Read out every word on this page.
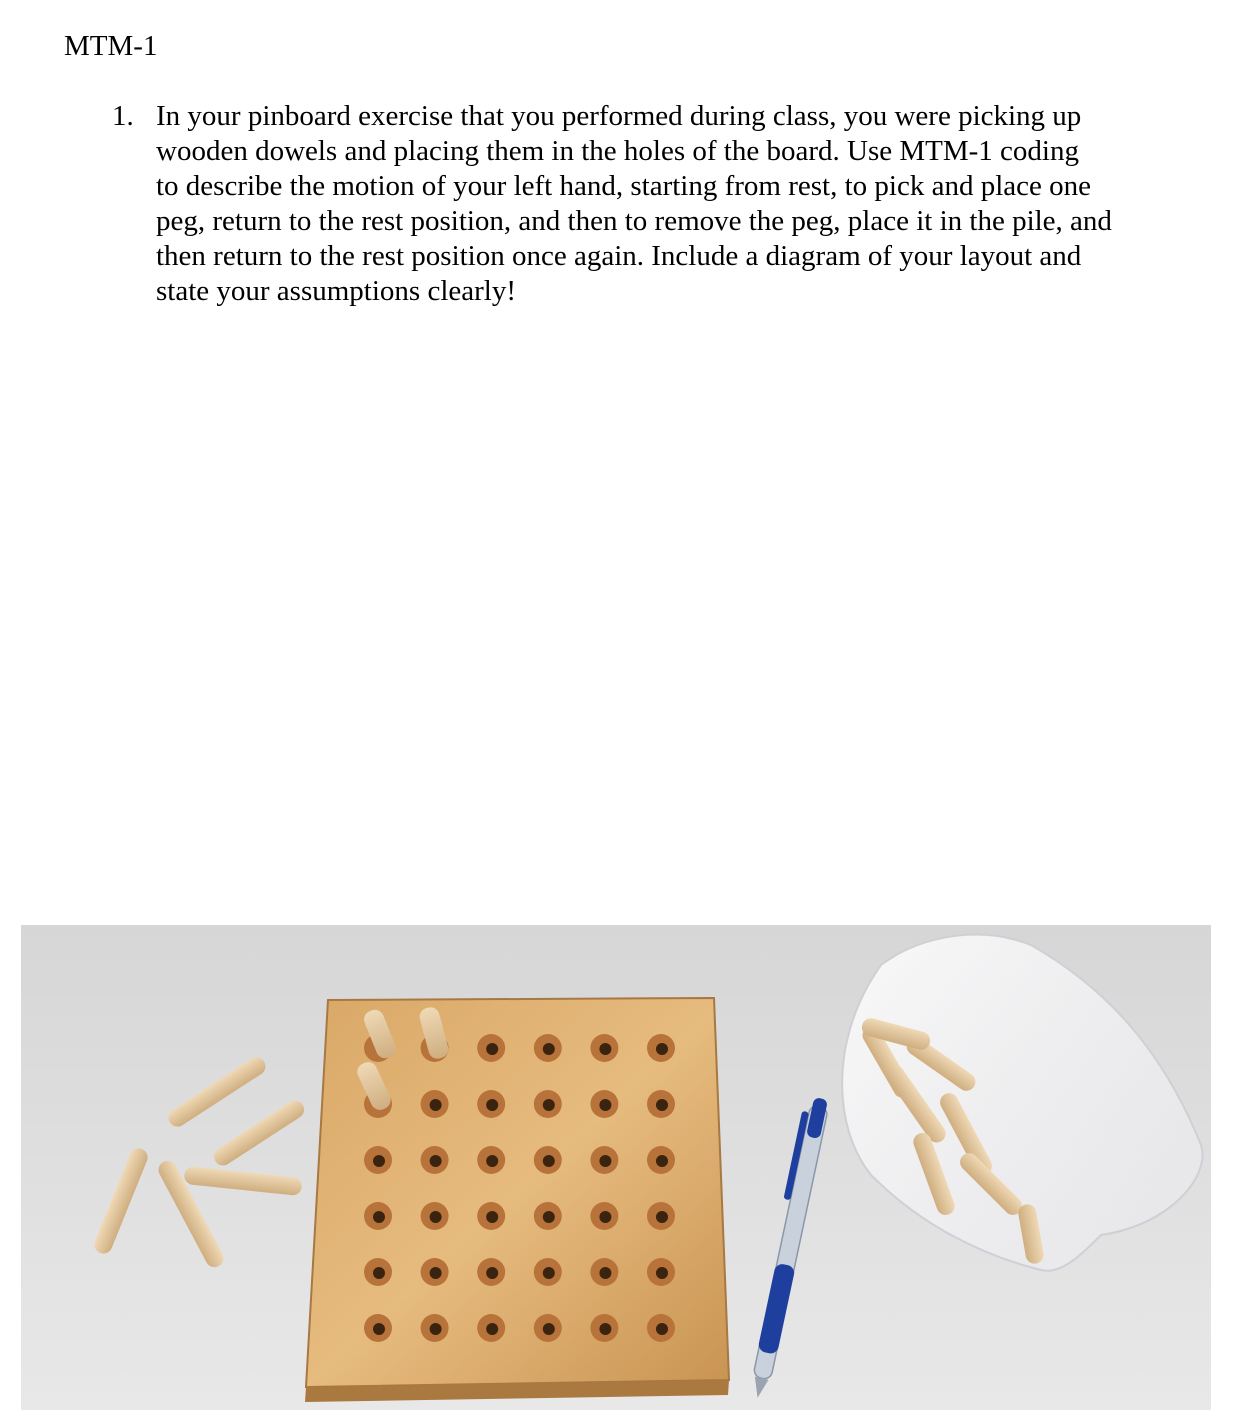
MTM-1
1. In your pinboard exercise that you performed during class, you were picking up
wooden dowels and placing them in the holes of the board. Use MTM-1 coding
to describe the motion of your left hand, starting from rest, to pick and place one
peg, return to the rest position, and then to remove the peg, place it in the pile, and
then return to the rest position once again. Include a diagram of your layout and
state your assumptions clearly!
